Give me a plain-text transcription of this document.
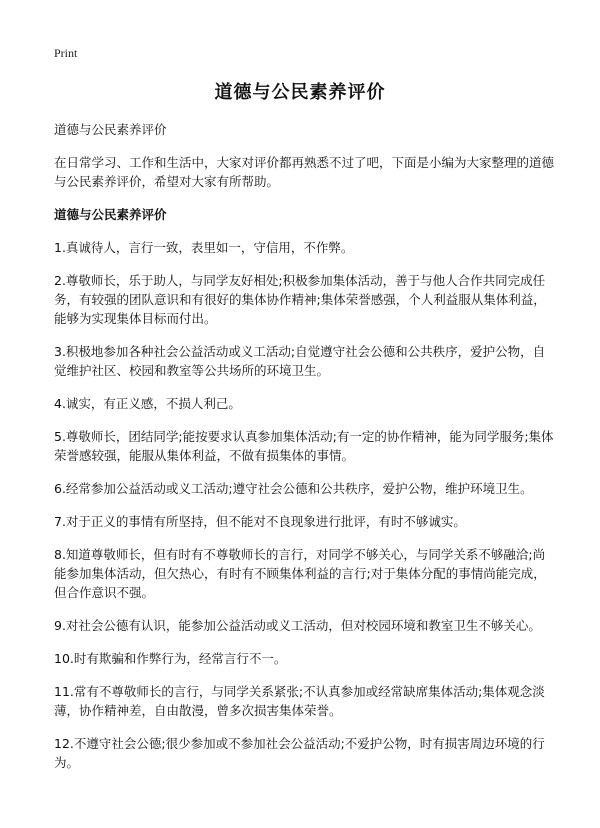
Print
道德与公民素养评价

道德与公民素养评价

在日常学习、工作和生活中，大家对评价都再熟悉不过了吧，下面是小编为大家整理的道德与公民素养评价，希望对大家有所帮助。

道德与公民素养评价

1.真诚待人，言行一致，表里如一，守信用，不作弊。

2.尊敬师长，乐于助人，与同学友好相处;积极参加集体活动，善于与他人合作共同完成任务，有较强的团队意识和有很好的集体协作精神;集体荣誉感强，个人利益服从集体利益，能够为实现集体目标而付出。

3.积极地参加各种社会公益活动或义工活动;自觉遵守社会公德和公共秩序，爱护公物，自觉维护社区、校园和教室等公共场所的环境卫生。

4.诚实，有正义感，不损人利己。

5.尊敬师长，团结同学;能按要求认真参加集体活动;有一定的协作精神，能为同学服务;集体荣誉感较强，能服从集体利益，不做有损集体的事情。

6.经常参加公益活动或义工活动;遵守社会公德和公共秩序，爱护公物，维护环境卫生。

7.对于正义的事情有所坚持，但不能对不良现象进行批评，有时不够诚实。

8.知道尊敬师长，但有时有不尊敬师长的言行，对同学不够关心，与同学关系不够融洽;尚能参加集体活动，但欠热心，有时有不顾集体利益的言行;对于集体分配的事情尚能完成，但合作意识不强。

9.对社会公德有认识，能参加公益活动或义工活动，但对校园环境和教室卫生不够关心。

10.时有欺骗和作弊行为，经常言行不一。

11.常有不尊敬师长的言行，与同学关系紧张;不认真参加或经常缺席集体活动;集体观念淡薄，协作精神差，自由散漫，曾多次损害集体荣誉。

12.不遵守社会公德;很少参加或不参加社会公益活动;不爱护公物，时有损害周边环境的行为。
